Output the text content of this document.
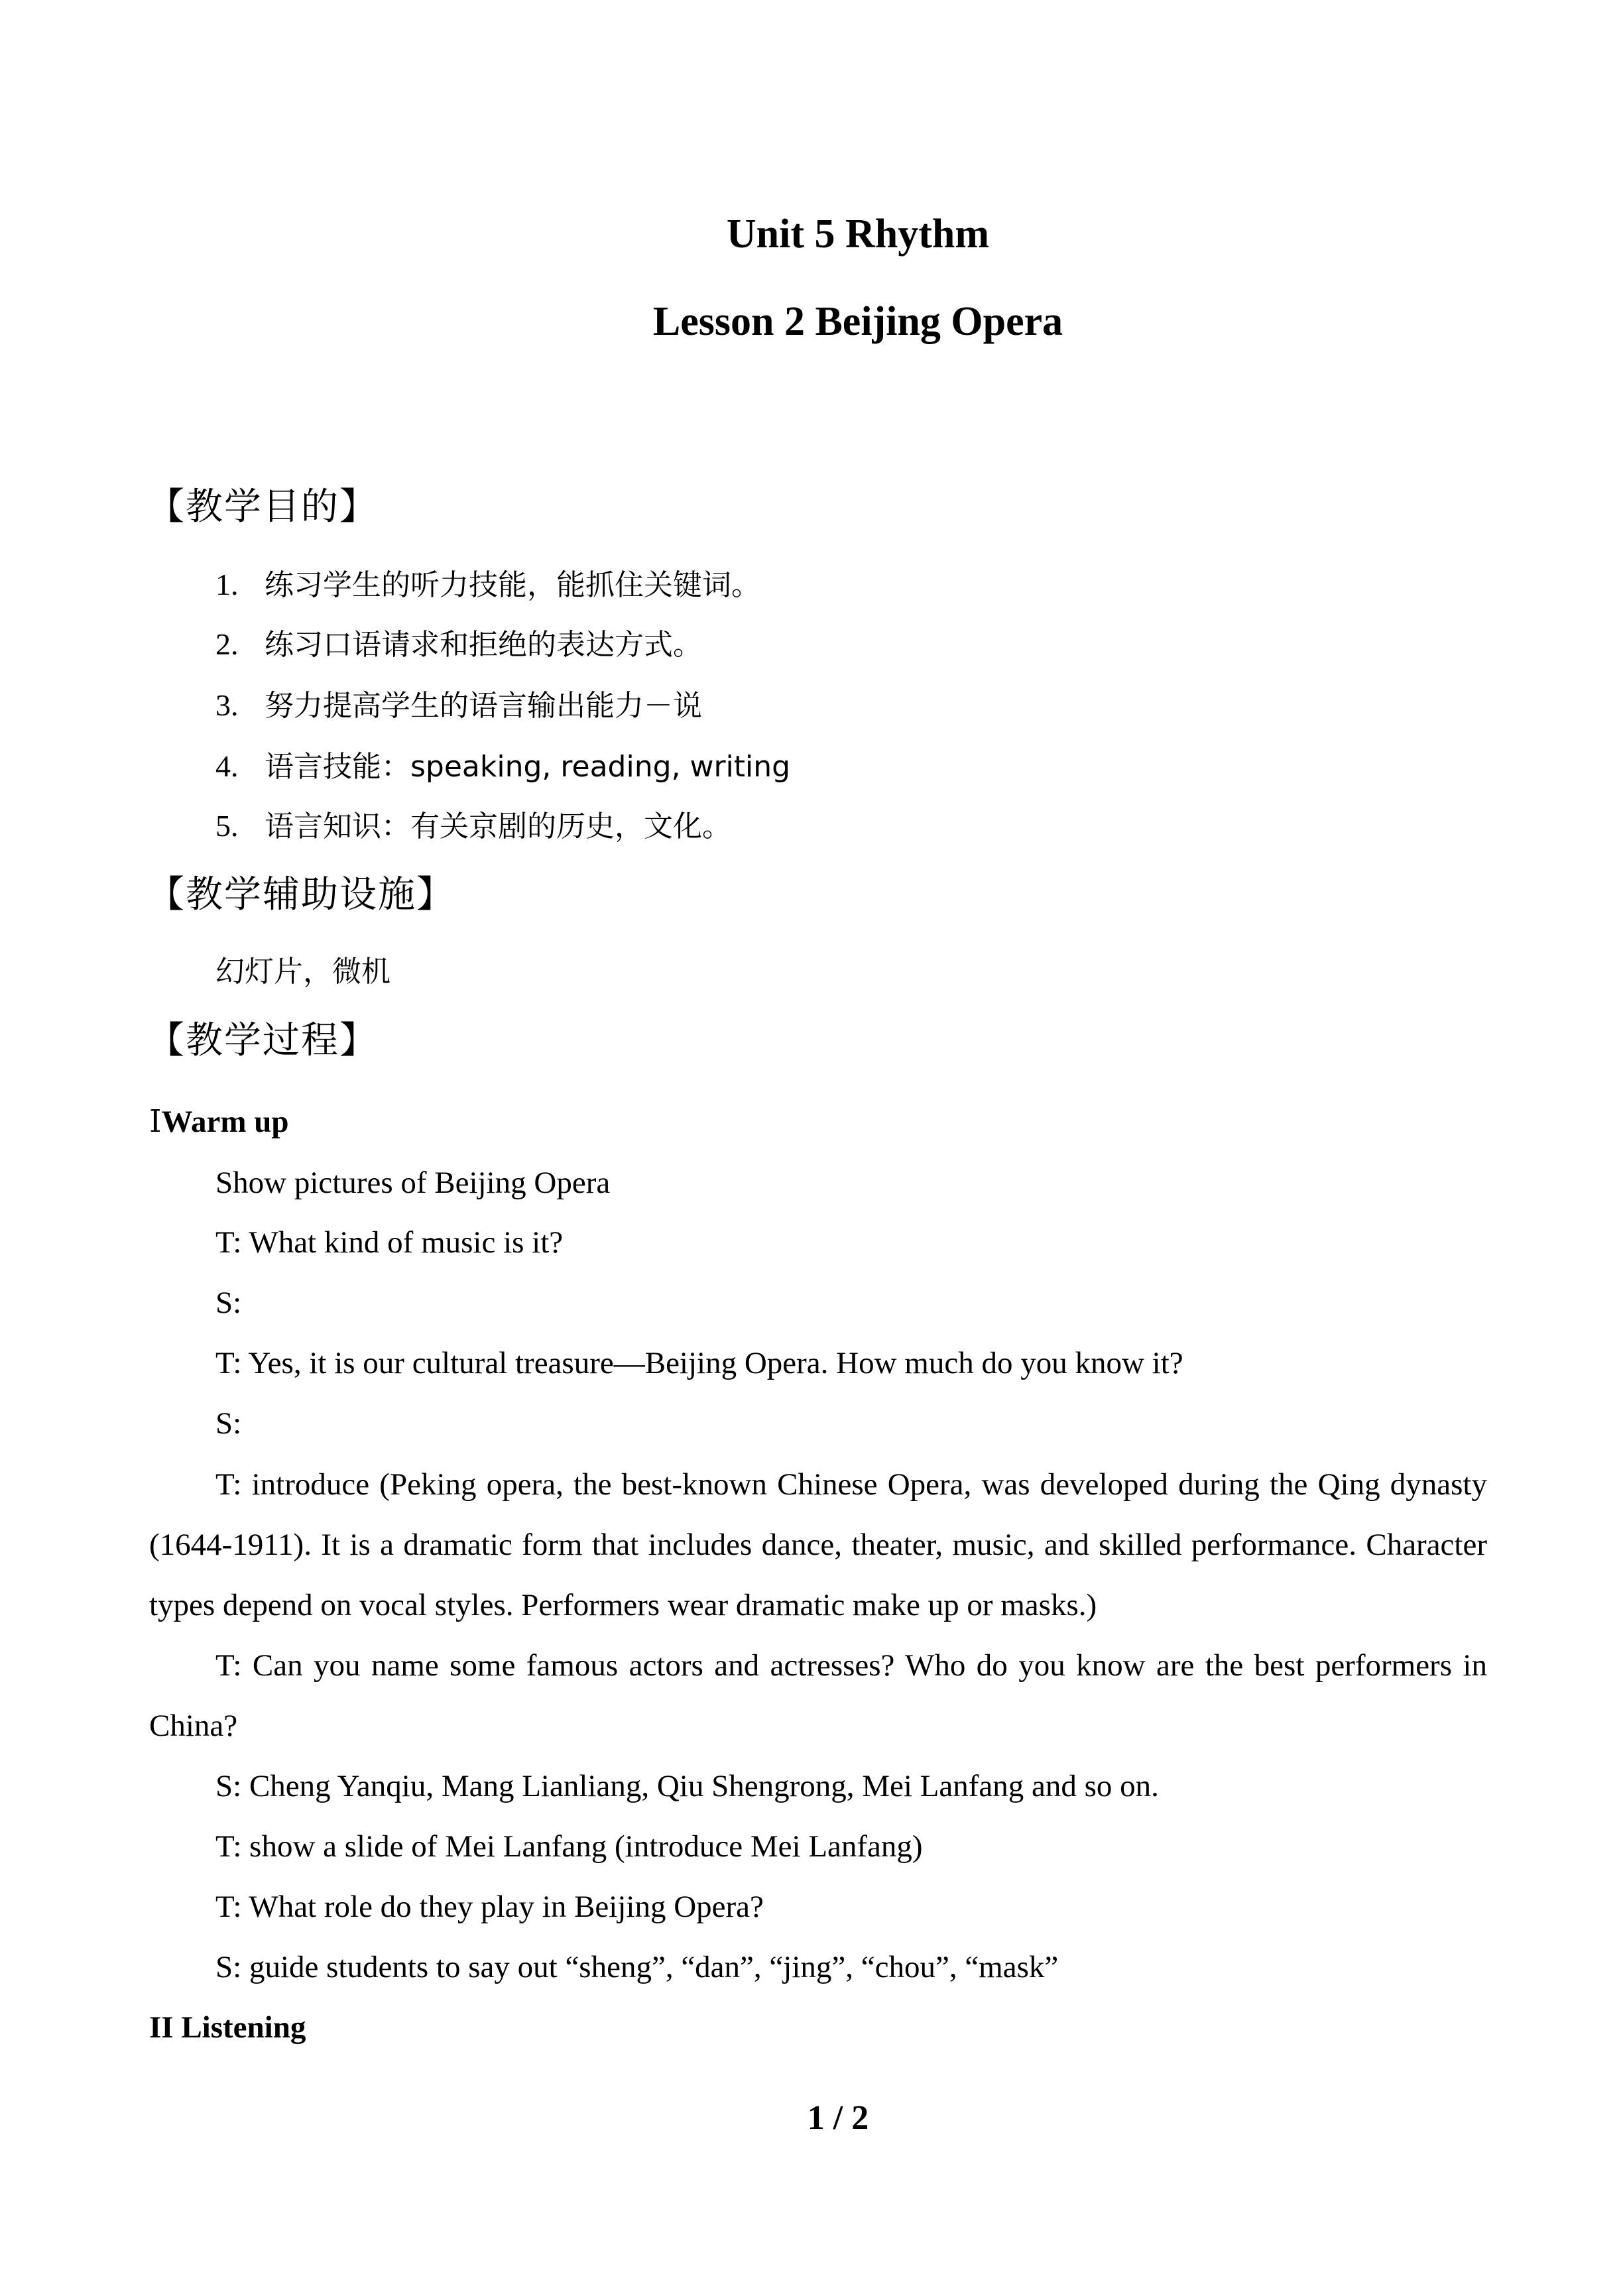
Unit 5 Rhythm
Lesson 2 Beijing Opera

【教学目的】

1. 练习学生的听力技能，能抓住关键词。

2. 练习口语请求和拒绝的表达方式。

3. 努力提高学生的语言输出能力－说

4. 语言技能：speaking, reading, writing

5. 语言知识：有关京剧的历史，文化。

【教学辅助设施】

幻灯片，微机

【教学过程】

ⅠWarm up

Show pictures of Beijing Opera

T: What kind of music is it?

S:

T: Yes, it is our cultural treasure—Beijing Opera. How much do you know it?

S:

T: introduce (Peking opera, the best-known Chinese Opera, was developed during the Qing dynasty (1644-1911). It is a dramatic form that includes dance, theater, music, and skilled performance. Character types depend on vocal styles. Performers wear dramatic make up or masks.)

T: Can you name some famous actors and actresses? Who do you know are the best performers in China?

S: Cheng Yanqiu, Mang Lianliang, Qiu Shengrong, Mei Lanfang and so on.

T: show a slide of Mei Lanfang (introduce Mei Lanfang)

T: What role do they play in Beijing Opera?

S: guide students to say out “sheng”, “dan”, “jing”, “chou”, “mask”

II Listening

1 / 2
